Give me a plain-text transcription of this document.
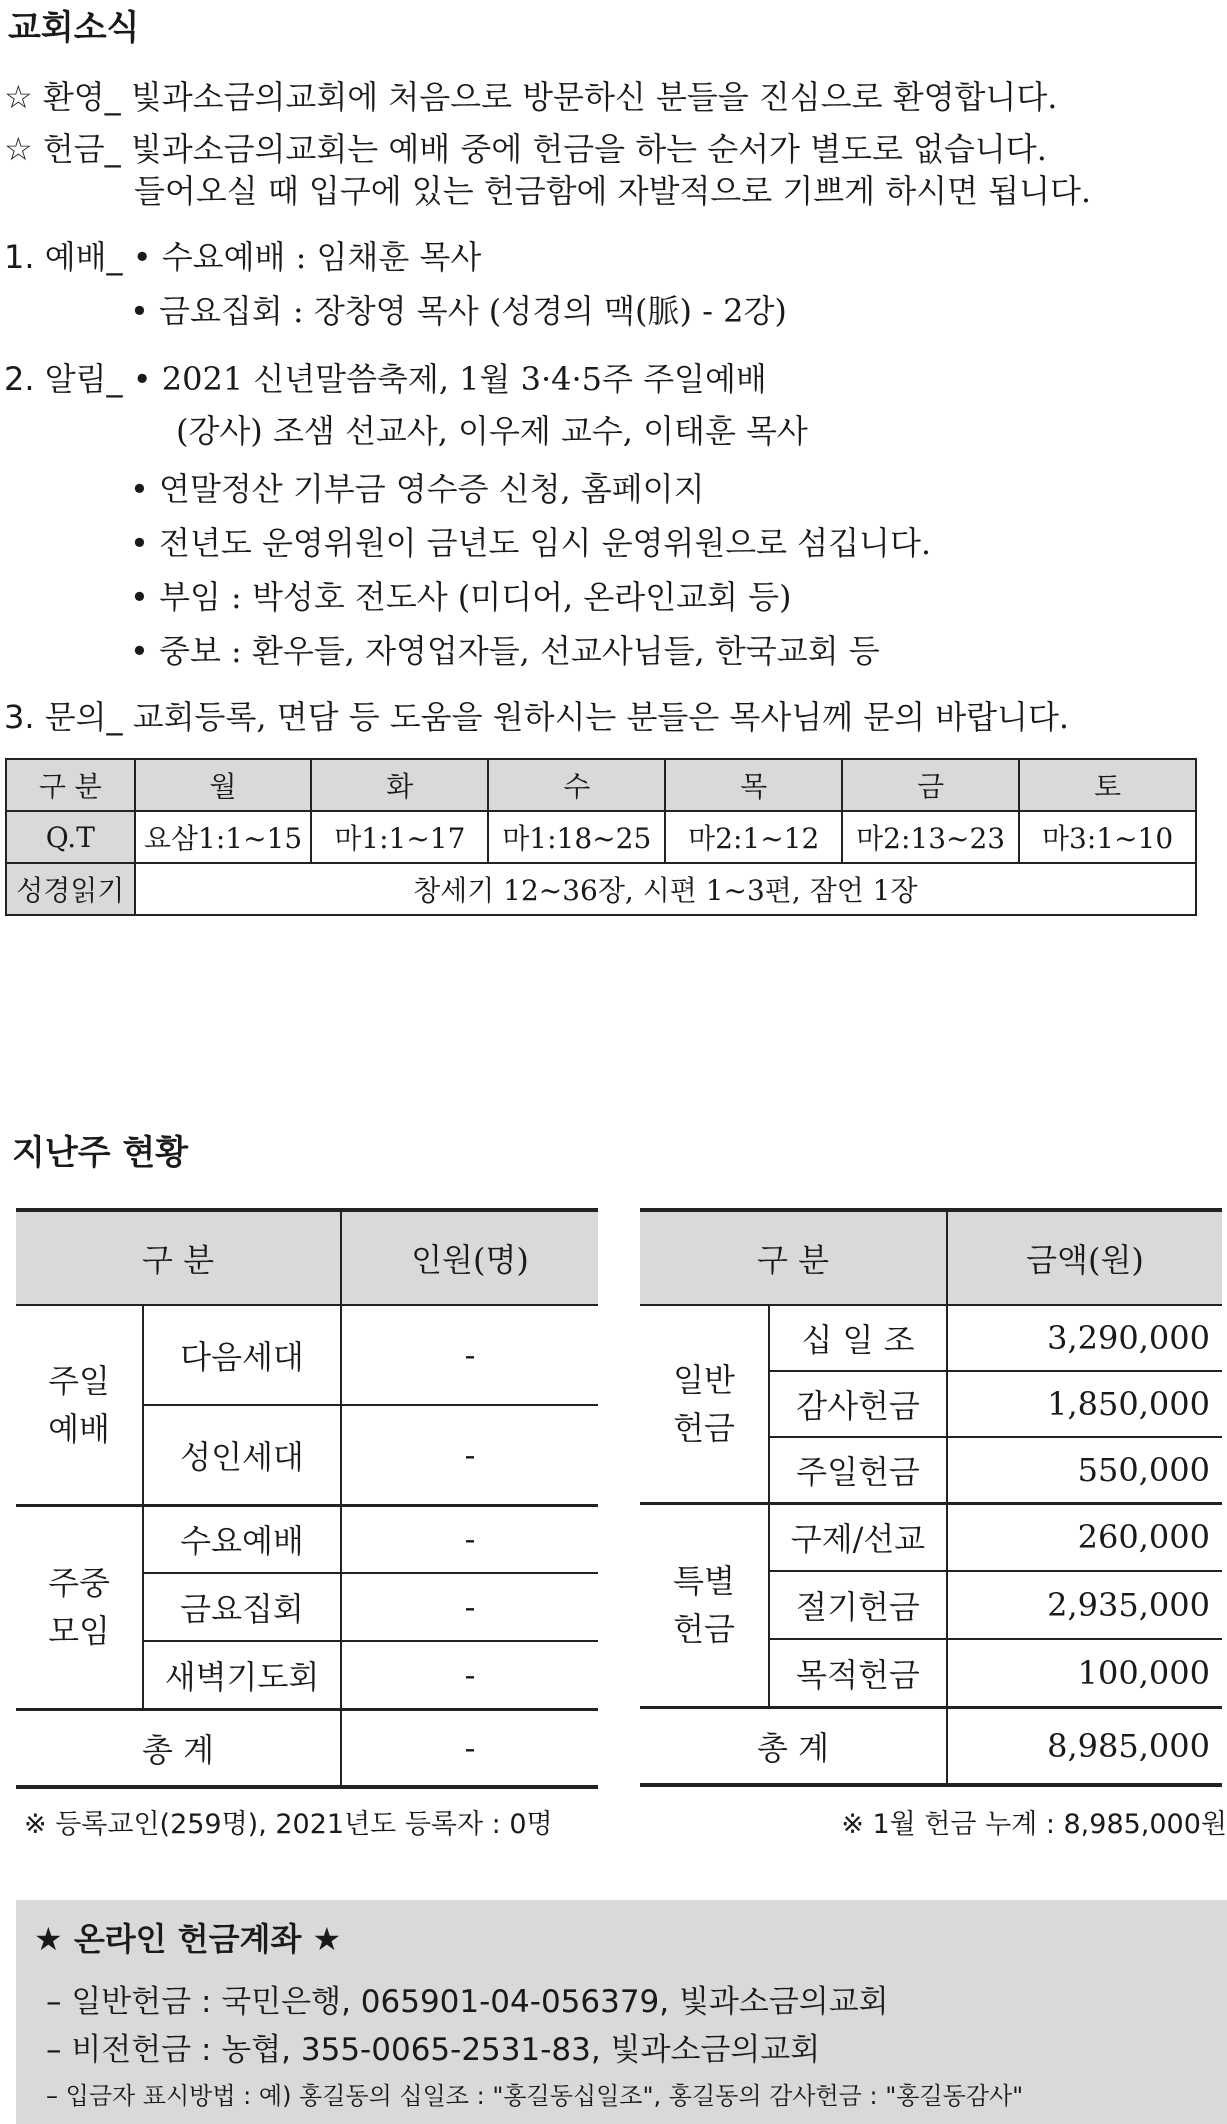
교회소식
☆ 환영_ 빛과소금의교회에 처음으로 방문하신 분들을 진심으로 환영합니다.
☆ 헌금_ 빛과소금의교회는 예배 중에 헌금을 하는 순서가 별도로 없습니다.
들어오실 때 입구에 있는 헌금함에 자발적으로 기쁘게 하시면 됩니다.
1. 예배_ • 수요예배 : 임채훈 목사
• 금요집회 : 장창영 목사 (성경의 맥(脈) - 2강)
2. 알림_ • 2021 신년말씀축제, 1월 3·4·5주 주일예배
(강사) 조샘 선교사, 이우제 교수, 이태훈 목사
• 연말정산 기부금 영수증 신청, 홈페이지
• 전년도 운영위원이 금년도 임시 운영위원으로 섬깁니다.
• 부임 : 박성호 전도사 (미디어, 온라인교회 등)
• 중보 : 환우들, 자영업자들, 선교사님들, 한국교회 등
3. 문의_ 교회등록, 면담 등 도움을 원하시는 분들은 목사님께 문의 바랍니다.
구 분	월	화	수	목	금	토
Q.T	요삼1:1~15	마1:1~17	마1:18~25	마2:1~12	마2:13~23	마3:1~10
성경읽기	창세기 12~36장, 시편 1~3편, 잠언 1장					
지난주 현황
구 분		인원(명)

주일
예배	다음세대	-
	성인세대	-

주중
모임	수요예배	-
	금요집회	-
	새벽기도회	-
총 계		-
※ 등록교인(259명), 2021년도 등록자 : 0명
구 분		금액(원)

일반
헌금	십 일 조	3,290,000
	감사헌금	1,850,000
	주일헌금	550,000

특별
헌금	구제/선교	260,000
	절기헌금	2,935,000
	목적헌금	100,000
총 계		8,985,000
※ 1월 헌금 누계 : 8,985,000원
★ 온라인 헌금계좌 ★
– 일반헌금 : 국민은행, 065901-04-056379, 빛과소금의교회
– 비전헌금 : 농협, 355-0065-2531-83, 빛과소금의교회
– 입금자 표시방법 : 예) 홍길동의 십일조 : "홍길동십일조", 홍길동의 감사헌금 : "홍길동감사"
